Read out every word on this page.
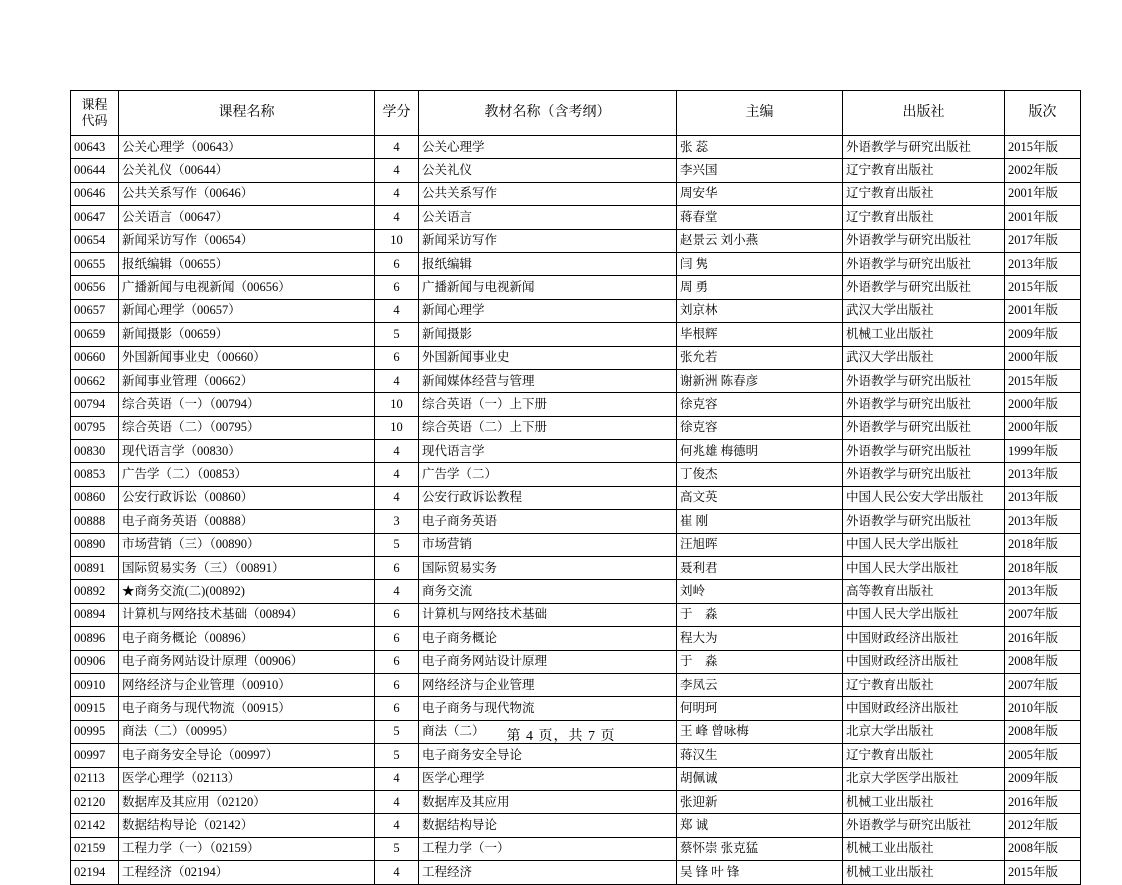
课程
代码	课程名称	学分	教材名称（含考纲）	主编	出版社	版次
00643	公关心理学（00643）	4	公关心理学	张 蕊	外语教学与研究出版社	2015年版
00644	公关礼仪（00644）	4	公关礼仪	李兴国	辽宁教育出版社	2002年版
00646	公共关系写作（00646）	4	公共关系写作	周安华	辽宁教育出版社	2001年版
00647	公关语言（00647）	4	公关语言	蒋春堂	辽宁教育出版社	2001年版
00654	新闻采访写作（00654）	10	新闻采访写作	赵景云 刘小燕	外语教学与研究出版社	2017年版
00655	报纸编辑（00655）	6	报纸编辑	闫 隽	外语教学与研究出版社	2013年版
00656	广播新闻与电视新闻（00656）	6	广播新闻与电视新闻	周 勇	外语教学与研究出版社	2015年版
00657	新闻心理学（00657）	4	新闻心理学	刘京林	武汉大学出版社	2001年版
00659	新闻摄影（00659）	5	新闻摄影	毕根辉	机械工业出版社	2009年版
00660	外国新闻事业史（00660）	6	外国新闻事业史	张允若	武汉大学出版社	2000年版
00662	新闻事业管理（00662）	4	新闻媒体经营与管理	谢新洲 陈春彦	外语教学与研究出版社	2015年版
00794	综合英语（一）（00794）	10	综合英语（一）上下册	徐克容	外语教学与研究出版社	2000年版
00795	综合英语（二）（00795）	10	综合英语（二）上下册	徐克容	外语教学与研究出版社	2000年版
00830	现代语言学（00830）	4	现代语言学	何兆雄 梅德明	外语教学与研究出版社	1999年版
00853	广告学（二）（00853）	4	广告学（二）	丁俊杰	外语教学与研究出版社	2013年版
00860	公安行政诉讼（00860）	4	公安行政诉讼教程	高文英	中国人民公安大学出版社	2013年版
00888	电子商务英语（00888）	3	电子商务英语	崔 刚	外语教学与研究出版社	2013年版
00890	市场营销（三）（00890）	5	市场营销	汪旭晖	中国人民大学出版社	2018年版
00891	国际贸易实务（三）（00891）	6	国际贸易实务	聂利君	中国人民大学出版社	2018年版
00892	★商务交流(二)(00892)	4	商务交流	刘岭	高等教育出版社	2013年版
00894	计算机与网络技术基础（00894）	6	计算机与网络技术基础	于　淼	中国人民大学出版社	2007年版
00896	电子商务概论（00896）	6	电子商务概论	程大为	中国财政经济出版社	2016年版
00906	电子商务网站设计原理（00906）	6	电子商务网站设计原理	于　淼	中国财政经济出版社	2008年版
00910	网络经济与企业管理（00910）	6	网络经济与企业管理	李凤云	辽宁教育出版社	2007年版
00915	电子商务与现代物流（00915）	6	电子商务与现代物流	何明珂	中国财政经济出版社	2010年版
00995	商法（二）（00995）	5	商法（二）	王 峰 曾咏梅	北京大学出版社	2008年版
00997	电子商务安全导论（00997）	5	电子商务安全导论	蒋汉生	辽宁教育出版社	2005年版
02113	医学心理学（02113）	4	医学心理学	胡佩诚	北京大学医学出版社	2009年版
02120	数据库及其应用（02120）	4	数据库及其应用	张迎新	机械工业出版社	2016年版
02142	数据结构导论（02142）	4	数据结构导论	郑 诚	外语教学与研究出版社	2012年版
02159	工程力学（一）（02159）	5	工程力学（一）	蔡怀崇 张克猛	机械工业出版社	2008年版
02194	工程经济（02194）	4	工程经济	吴 锋 叶 锋	机械工业出版社	2015年版
第 4 页，共 7 页
